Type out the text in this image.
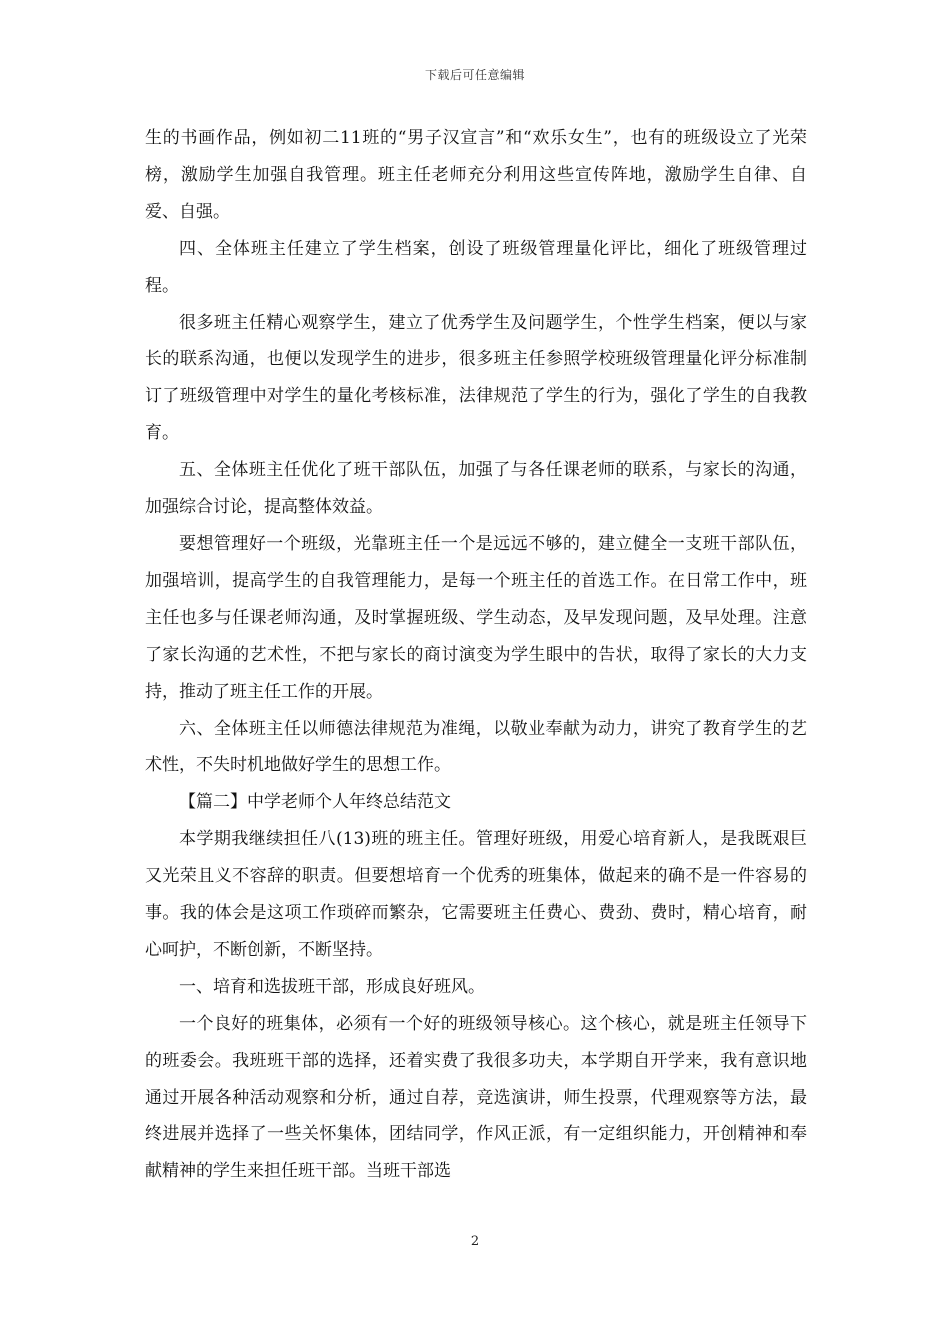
下载后可任意编辑

生的书画作品，例如初二11班的“男子汉宣言”和“欢乐女生”，也有的班级设立了光荣榜，激励学生加强自我管理。班主任老师充分利用这些宣传阵地，激励学生自律、自爱、自强。

四、全体班主任建立了学生档案，创设了班级管理量化评比，细化了班级管理过程。

很多班主任精心观察学生，建立了优秀学生及问题学生，个性学生档案，便以与家长的联系沟通，也便以发现学生的进步，很多班主任参照学校班级管理量化评分标准制订了班级管理中对学生的量化考核标准，法律规范了学生的行为，强化了学生的自我教育。

五、全体班主任优化了班干部队伍，加强了与各任课老师的联系，与家长的沟通，加强综合讨论，提高整体效益。

要想管理好一个班级，光靠班主任一个是远远不够的，建立健全一支班干部队伍，加强培训，提高学生的自我管理能力，是每一个班主任的首选工作。在日常工作中，班主任也多与任课老师沟通，及时掌握班级、学生动态，及早发现问题，及早处理。注意了家长沟通的艺术性，不把与家长的商讨演变为学生眼中的告状，取得了家长的大力支持，推动了班主任工作的开展。

六、全体班主任以师德法律规范为准绳，以敬业奉献为动力，讲究了教育学生的艺术性，不失时机地做好学生的思想工作。

【篇二】中学老师个人年终总结范文

本学期我继续担任八(13)班的班主任。管理好班级，用爱心培育新人，是我既艰巨又光荣且义不容辞的职责。但要想培育一个优秀的班集体，做起来的确不是一件容易的事。我的体会是这项工作琐碎而繁杂，它需要班主任费心、费劲、费时，精心培育，耐心呵护，不断创新，不断坚持。

一、培育和选拔班干部，形成良好班风。

一个良好的班集体，必须有一个好的班级领导核心。这个核心，就是班主任领导下的班委会。我班班干部的选择，还着实费了我很多功夫，本学期自开学来，我有意识地通过开展各种活动观察和分析，通过自荐，竞选演讲，师生投票，代理观察等方法，最终进展并选择了一些关怀集体，团结同学，作风正派，有一定组织能力，开创精神和奉献精神的学生来担任班干部。当班干部选

2
